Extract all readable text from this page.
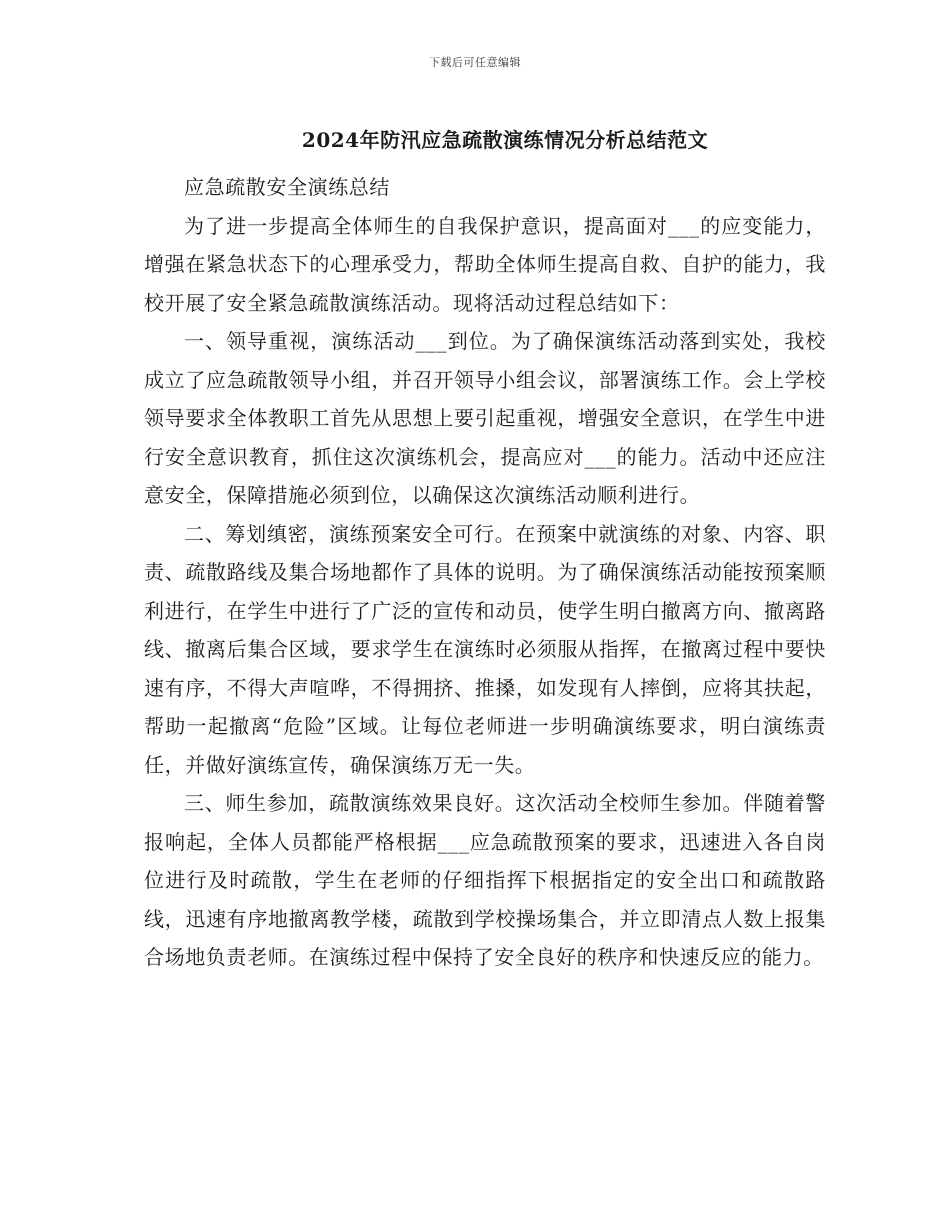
下载后可任意编辑
2024年防汛应急疏散演练情况分析总结范文

应急疏散安全演练总结

为了进一步提高全体师生的自我保护意识，提高面对___的应变能力，增强在紧急状态下的心理承受力，帮助全体师生提高自救、自护的能力，我校开展了安全紧急疏散演练活动。现将活动过程总结如下：

一、领导重视，演练活动___到位。为了确保演练活动落到实处，我校成立了应急疏散领导小组，并召开领导小组会议，部署演练工作。会上学校领导要求全体教职工首先从思想上要引起重视，增强安全意识，在学生中进行安全意识教育，抓住这次演练机会，提高应对___的能力。活动中还应注意安全，保障措施必须到位，以确保这次演练活动顺利进行。

二、筹划缜密，演练预案安全可行。在预案中就演练的对象、内容、职责、疏散路线及集合场地都作了具体的说明。为了确保演练活动能按预案顺利进行，在学生中进行了广泛的宣传和动员，使学生明白撤离方向、撤离路线、撤离后集合区域，要求学生在演练时必须服从指挥，在撤离过程中要快速有序，不得大声喧哗，不得拥挤、推搡，如发现有人摔倒，应将其扶起，帮助一起撤离“危险”区域。让每位老师进一步明确演练要求，明白演练责任，并做好演练宣传，确保演练万无一失。

三、师生参加，疏散演练效果良好。这次活动全校师生参加。伴随着警报响起，全体人员都能严格根据___应急疏散预案的要求，迅速进入各自岗位进行及时疏散，学生在老师的仔细指挥下根据指定的安全出口和疏散路线，迅速有序地撤离教学楼，疏散到学校操场集合，并立即清点人数上报集合场地负责老师。在演练过程中保持了安全良好的秩序和快速反应的能力。
